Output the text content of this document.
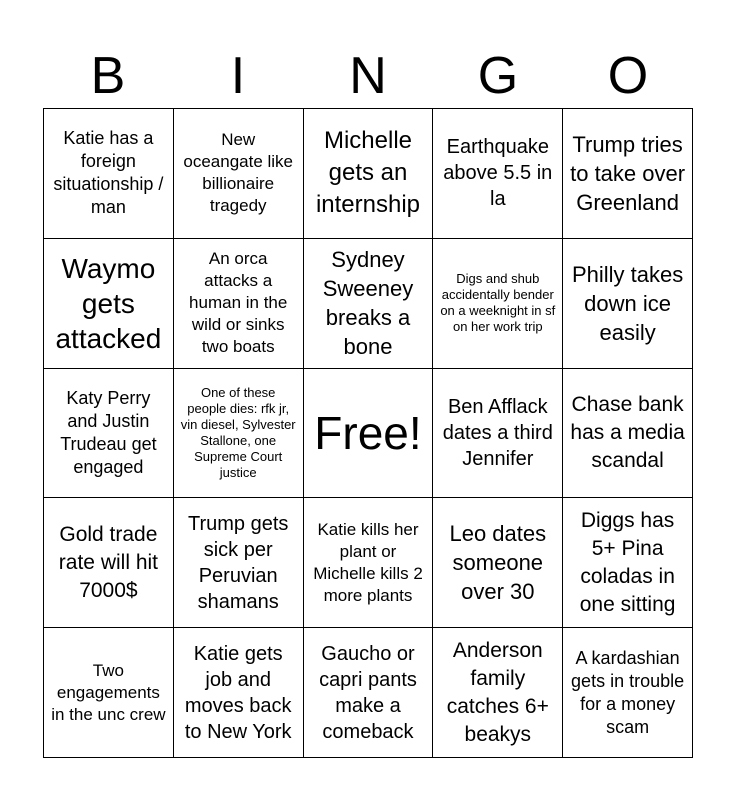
B	I	N	G	O
Katie has a foreign situationship / man
New oceangate like billionaire tragedy
Michelle gets an internship
Earthquake above 5.5 in la
Trump tries to take over Greenland
Waymo gets attacked
An orca attacks a human in the wild or sinks two boats
Sydney Sweeney breaks a bone
Digs and shub accidentally bender on a weeknight in sf on her work trip
Philly takes down ice easily
Katy Perry and Justin Trudeau get engaged
One of these people dies: rfk jr, vin diesel, Sylvester Stallone, one Supreme Court justice
Free!	Ben Afflack dates a third Jennifer
Chase bank has a media scandal
Gold trade rate will hit 7000$
Trump gets sick per Peruvian shamans
Katie kills her plant or Michelle kills 2 more plants
Leo dates someone over 30
Diggs has 5+ Pina coladas in one sitting
Two engagements in the unc crew
Katie gets job and moves back to New York
Gaucho or capri pants make a comeback
Anderson family catches 6+ beakys
A kardashian gets in trouble for a money scam
